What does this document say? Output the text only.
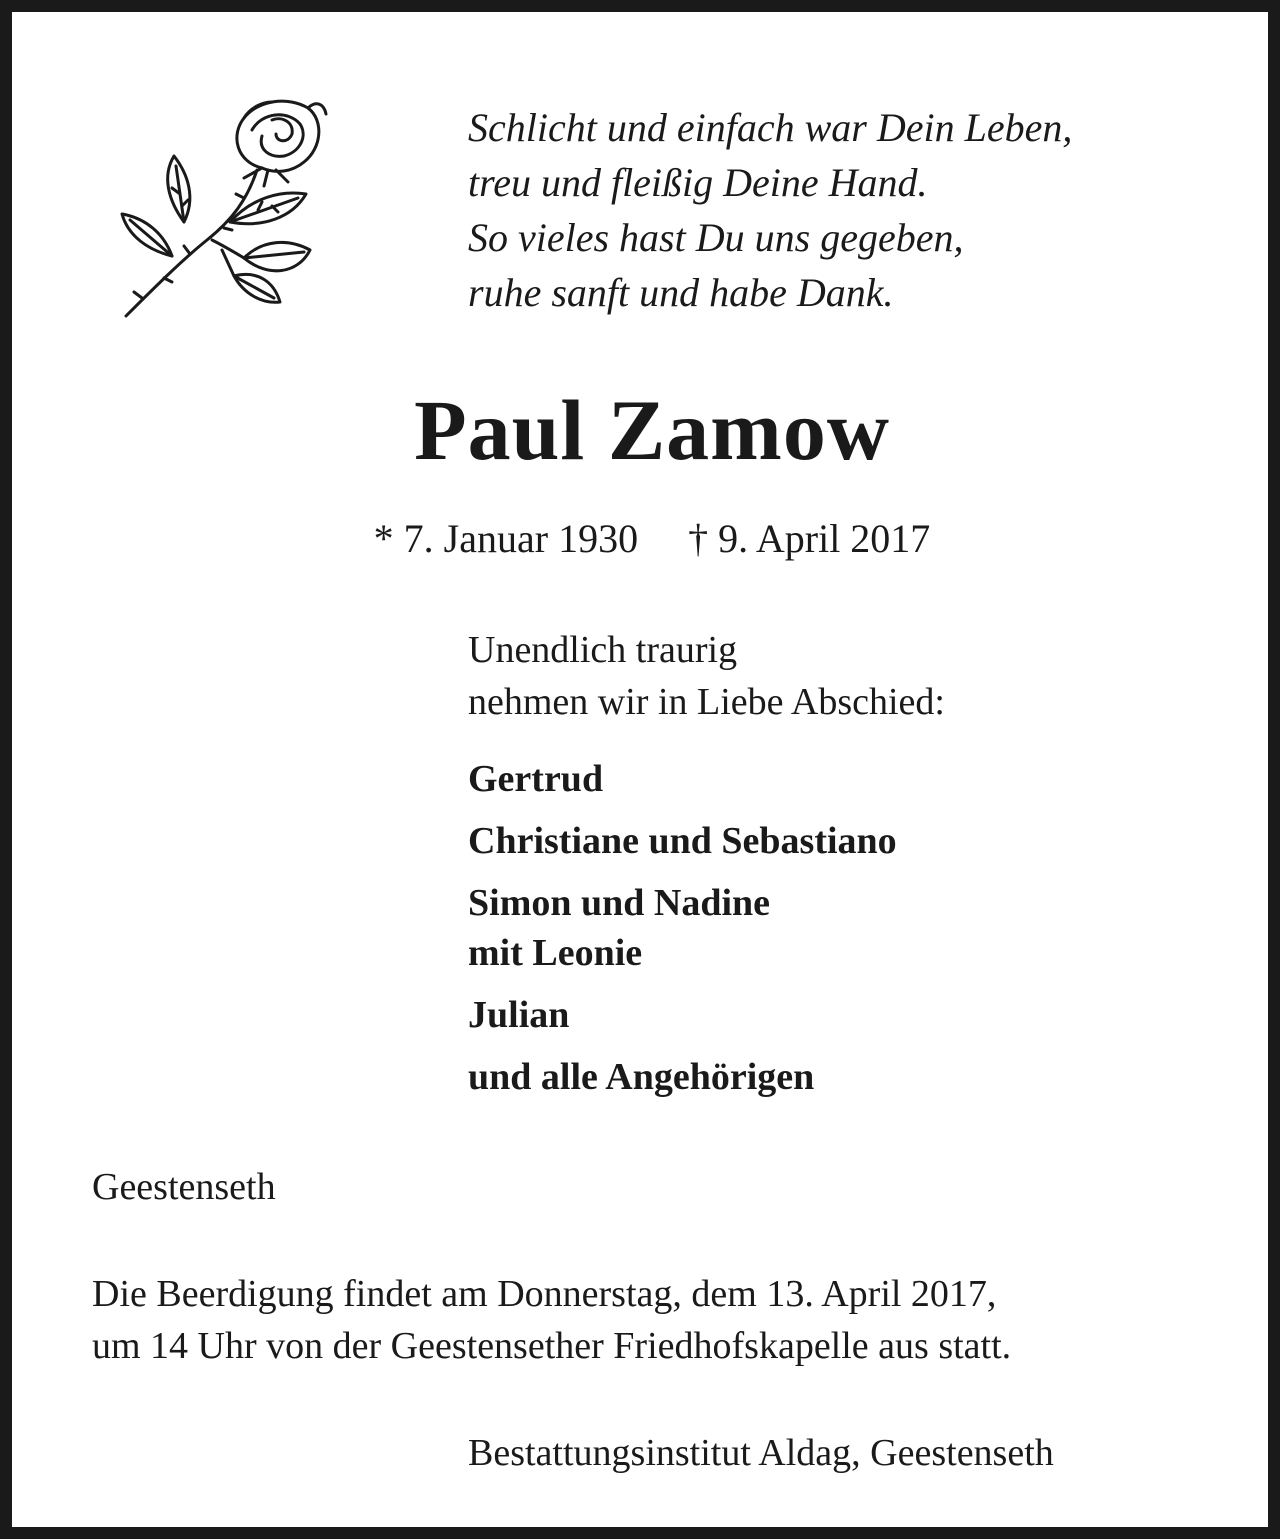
Schlicht und einfach war Dein Leben,
treu und fleißig Deine Hand.
So vieles hast Du uns gegeben,
ruhe sanft und habe Dank.
Paul Zamow
* 7. Januar 1930 † 9. April 2017
Unendlich traurig
nehmen wir in Liebe Abschied:
Gertrud
Christiane und Sebastiano
Simon und Nadine
mit Leonie
Julian
und alle Angehörigen
Geestenseth
Die Beerdigung findet am Donnerstag, dem 13. April 2017,
um 14 Uhr von der Geestensether Friedhofskapelle aus statt.
Bestattungsinstitut Aldag, Geestenseth
